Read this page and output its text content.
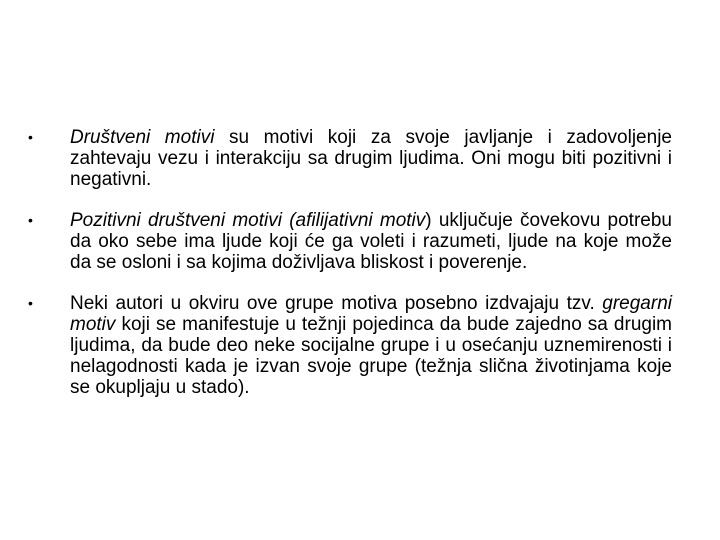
•	Društveni motivi su motivi koji za svoje javljanje i zadovoljenje zahtevaju vezu i interakciju sa drugim ljudima. Oni mogu biti pozitivni i negativni.
•	Pozitivni društveni motivi (afilijativni motiv) uključuje čovekovu potrebu da oko sebe ima ljude koji će ga voleti i razumeti, ljude na koje može da se osloni i sa kojima doživljava bliskost i poverenje.
•	Neki autori u okviru ove grupe motiva posebno izdvajaju tzv. gregarni motiv koji se manifestuje u težnji pojedinca da bude zajedno sa drugim ljudima, da bude deo neke socijalne grupe i u osećanju uznemirenosti i nelagodnosti kada je izvan svoje grupe (težnja slična životinjama koje se okupljaju u stado).
